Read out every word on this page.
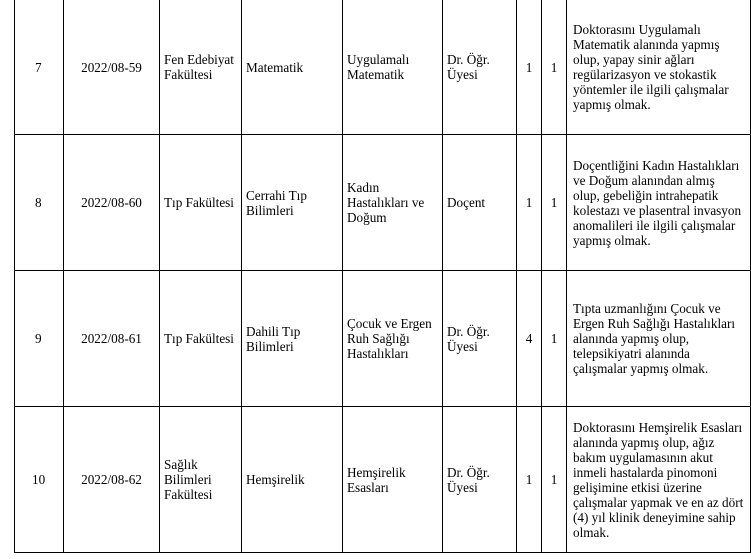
7	2022/08-59	Fen Edebiyat Fakültesi	Matematik	Uygulamalı Matematik	Dr. Öğr. Üyesi	1	1	Doktorasını Uygulamalı Matematik alanında yapmış olup, yapay sinir ağları regülarizasyon ve stokastik yöntemler ile ilgili çalışmalar yapmış olmak.
8	2022/08-60	Tıp Fakültesi	Cerrahi Tıp Bilimleri	Kadın Hastalıkları ve Doğum	Doçent	1	1	Doçentliğini Kadın Hastalıkları ve Doğum alanından almış olup, gebeliğin intrahepatik kolestazı ve plasentral invasyon anomalileri ile ilgili çalışmalar yapmış olmak.
9	2022/08-61	Tıp Fakültesi	Dahili Tıp Bilimleri	Çocuk ve Ergen Ruh Sağlığı Hastalıkları	Dr. Öğr. Üyesi	4	1	Tıpta uzmanlığını Çocuk ve Ergen Ruh Sağlığı Hastalıkları alanında yapmış olup, telepsikiyatri alanında çalışmalar yapmış olmak.
10	2022/08-62	Sağlık Bilimleri Fakültesi	Hemşirelik	Hemşirelik Esasları	Dr. Öğr. Üyesi	1	1	Doktorasını Hemşirelik Esasları alanında yapmış olup, ağız bakım uygulamasının akut inmeli hastalarda pinomoni gelişimine etkisi üzerine çalışmalar yapmak ve en az dört (4) yıl klinik deneyimine sahip olmak.
